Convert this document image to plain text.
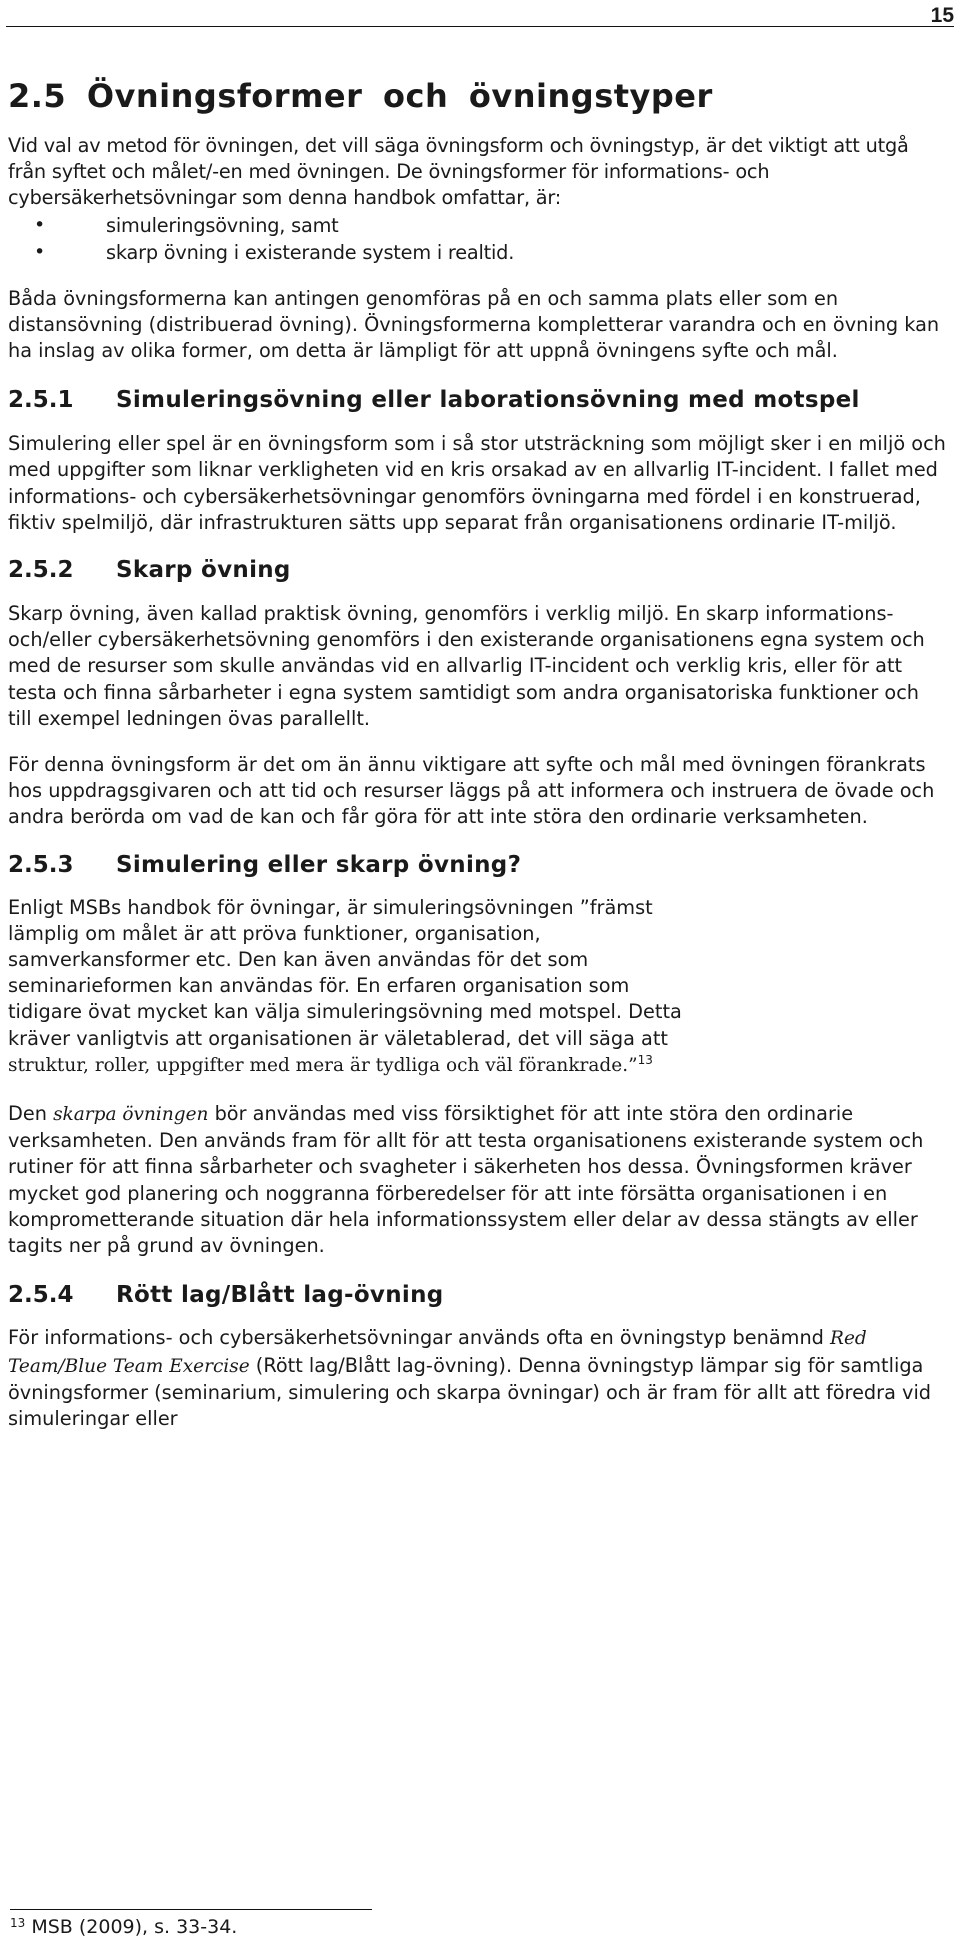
15
2.5 Övningsformer och övningstyper

Vid val av metod för övningen, det vill säga övningsform och övningstyp, är det viktigt att utgå från syftet och målet/-en med övningen. De övningsformer för informations- och cybersäkerhetsövningar som denna handbok omfattar, är:

• simuleringsövning, samt
• skarp övning i existerande system i realtid.

Båda övningsformerna kan antingen genomföras på en och samma plats eller som en distansövning (distribuerad övning). Övningsformerna kompletterar varandra och en övning kan ha inslag av olika former, om detta är lämpligt för att uppnå övningens syfte och mål.

2.5.1	Simuleringsövning eller laborationsövning med motspel

Simulering eller spel är en övningsform som i så stor utsträckning som möjligt sker i en miljö och med uppgifter som liknar verkligheten vid en kris orsakad av en allvarlig IT-incident. I fallet med informations- och cybersäkerhetsövningar genomförs övningarna med fördel i en konstruerad, fiktiv spelmiljö, där infrastrukturen sätts upp separat från organisationens ordinarie IT-miljö.

2.5.2	Skarp övning

Skarp övning, även kallad praktisk övning, genomförs i verklig miljö. En skarp informations- och/eller cybersäkerhetsövning genomförs i den existerande organisationens egna system och med de resurser som skulle användas vid en allvarlig IT-incident och verklig kris, eller för att testa och finna sårbarheter i egna system samtidigt som andra organisatoriska funktioner och till exempel ledningen övas parallellt.

För denna övningsform är det om än ännu viktigare att syfte och mål med övningen förankrats hos uppdragsgivaren och att tid och resurser läggs på att informera och instruera de övade och andra berörda om vad de kan och får göra för att inte störa den ordinarie verksamheten.

2.5.3	Simulering eller skarp övning?

Enligt MSBs handbok för övningar, är simuleringsövningen ”främst
lämplig om målet är att pröva funktioner, organisation,
samverkansformer etc. Den kan även användas för det som
seminarieformen kan användas för. En erfaren organisation som
tidigare övat mycket kan välja simuleringsövning med motspel. Detta
kräver vanligtvis att organisationen är väletablerad, det vill säga att
struktur, roller, uppgifter med mera är tydliga och väl förankrade.”$^{13}$

Den skarpa övningen bör användas med viss försiktighet för att inte störa den ordinarie verksamheten. Den används fram för allt för att testa organisationens existerande system och rutiner för att finna sårbarheter och svagheter i säkerheten hos dessa. Övningsformen kräver mycket god planering och noggranna förberedelser för att inte försätta organisationen i en komprometterande situation där hela informationssystem eller delar av dessa stängts av eller tagits ner på grund av övningen.

2.5.4	Rött lag/Blått lag-övning

För informations- och cybersäkerhetsövningar används ofta en övningstyp benämnd Red Team/Blue Team Exercise (Rött lag/Blått lag-övning). Denna övningstyp lämpar sig för samtliga övningsformer (seminarium, simulering och skarpa övningar) och är fram för allt att föredra vid simuleringar eller

$^{13}$ MSB (2009), s. 33-34.
